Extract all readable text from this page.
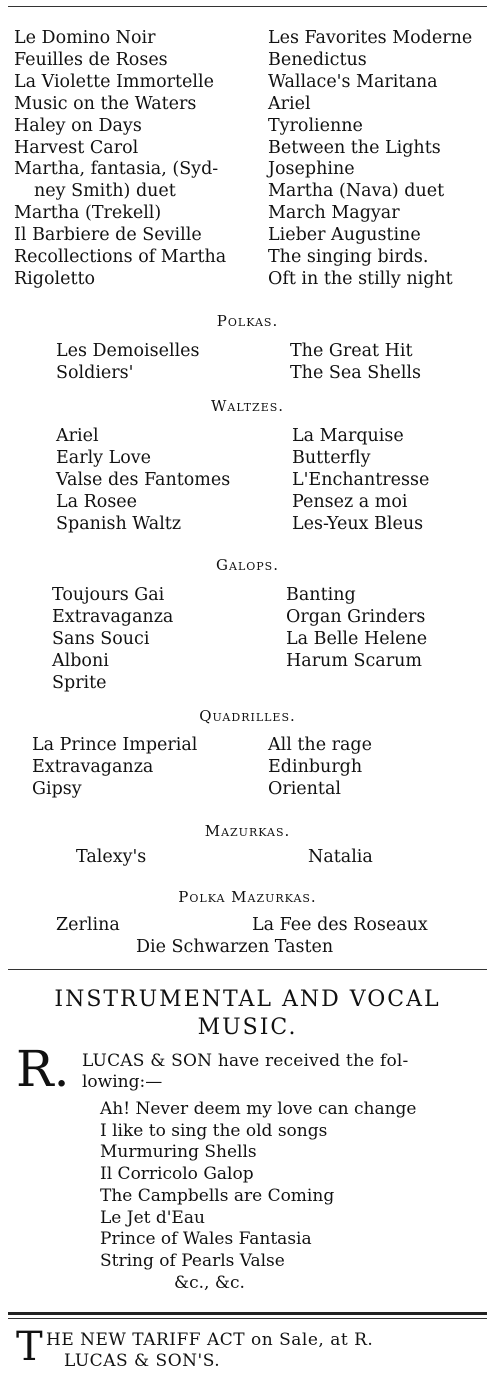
Le Domino Noir
Feuilles de Roses
La Violette Immortelle
Music on the Waters
Haley on Days
Harvest Carol
Martha, fantasia, (Syd-
ney Smith) duet
Martha (Trekell)
Il Barbiere de Seville
Recollections of Martha
Rigoletto
Les Favorites Moderne
Benedictus
Wallace's Maritana
Ariel
Tyrolienne
Between the Lights
Josephine
Martha (Nava) duet
March Magyar
Lieber Augustine
The singing birds.
Oft in the stilly night
Polkas.
Les Demoiselles
Soldiers'
The Great Hit
The Sea Shells
Waltzes.
Ariel
Early Love
Valse des Fantomes
La Rosee
Spanish Waltz
La Marquise
Butterfly
L'Enchantresse
Pensez a moi
Les-Yeux Bleus
Galops.
Toujours Gai
Extravaganza
Sans Souci
Alboni
Sprite
Banting
Organ Grinders
La Belle Helene
Harum Scarum
Quadrilles.
La Prince Imperial
Extravaganza
Gipsy
All the rage
Edinburgh
Oriental
Mazurkas.
Talexy's	Natalia
Polka Mazurkas.
Zerlina	La Fee des Roseaux
Die Schwarzen Tasten
INSTRUMENTAL AND VOCAL
MUSIC.
R. LUCAS & SON have received the fol-
lowing:—
Ah! Never deem my love can change
I like to sing the old songs
Murmuring Shells
Il Corricolo Galop
The Campbells are Coming
Le Jet d'Eau
Prince of Wales Fantasia
String of Pearls Valse
&c., &c.
T HE NEW TARIFF ACT on Sale, at R.
LUCAS & SON'S.
